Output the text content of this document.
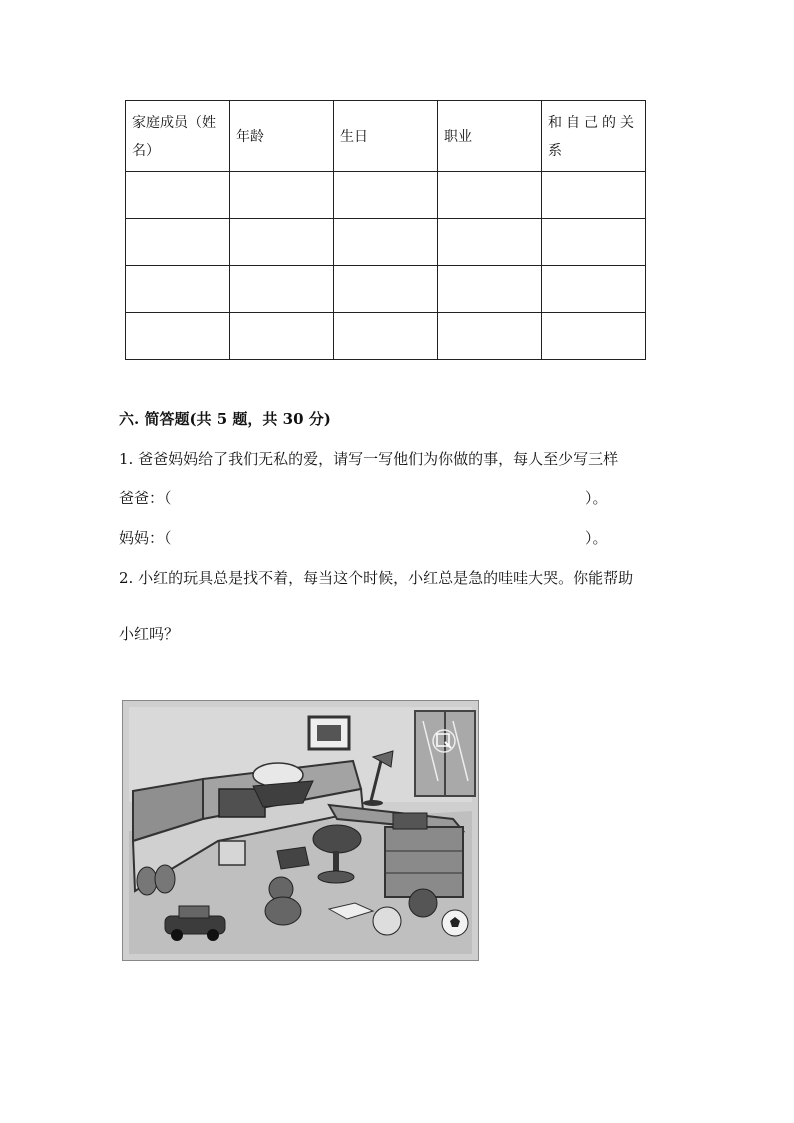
家庭成员（姓名）	年龄	生日	职业	和自己的关系

六. 简答题(共 5 题，共 30 分)
1. 爸爸妈妈给了我们无私的爱，请写一写他们为你做的事，每人至少写三样
爸爸：（	）。
妈妈：（	）。
2. 小红的玩具总是找不着，每当这个时候，小红总是急的哇哇大哭。你能帮助
小红吗？
